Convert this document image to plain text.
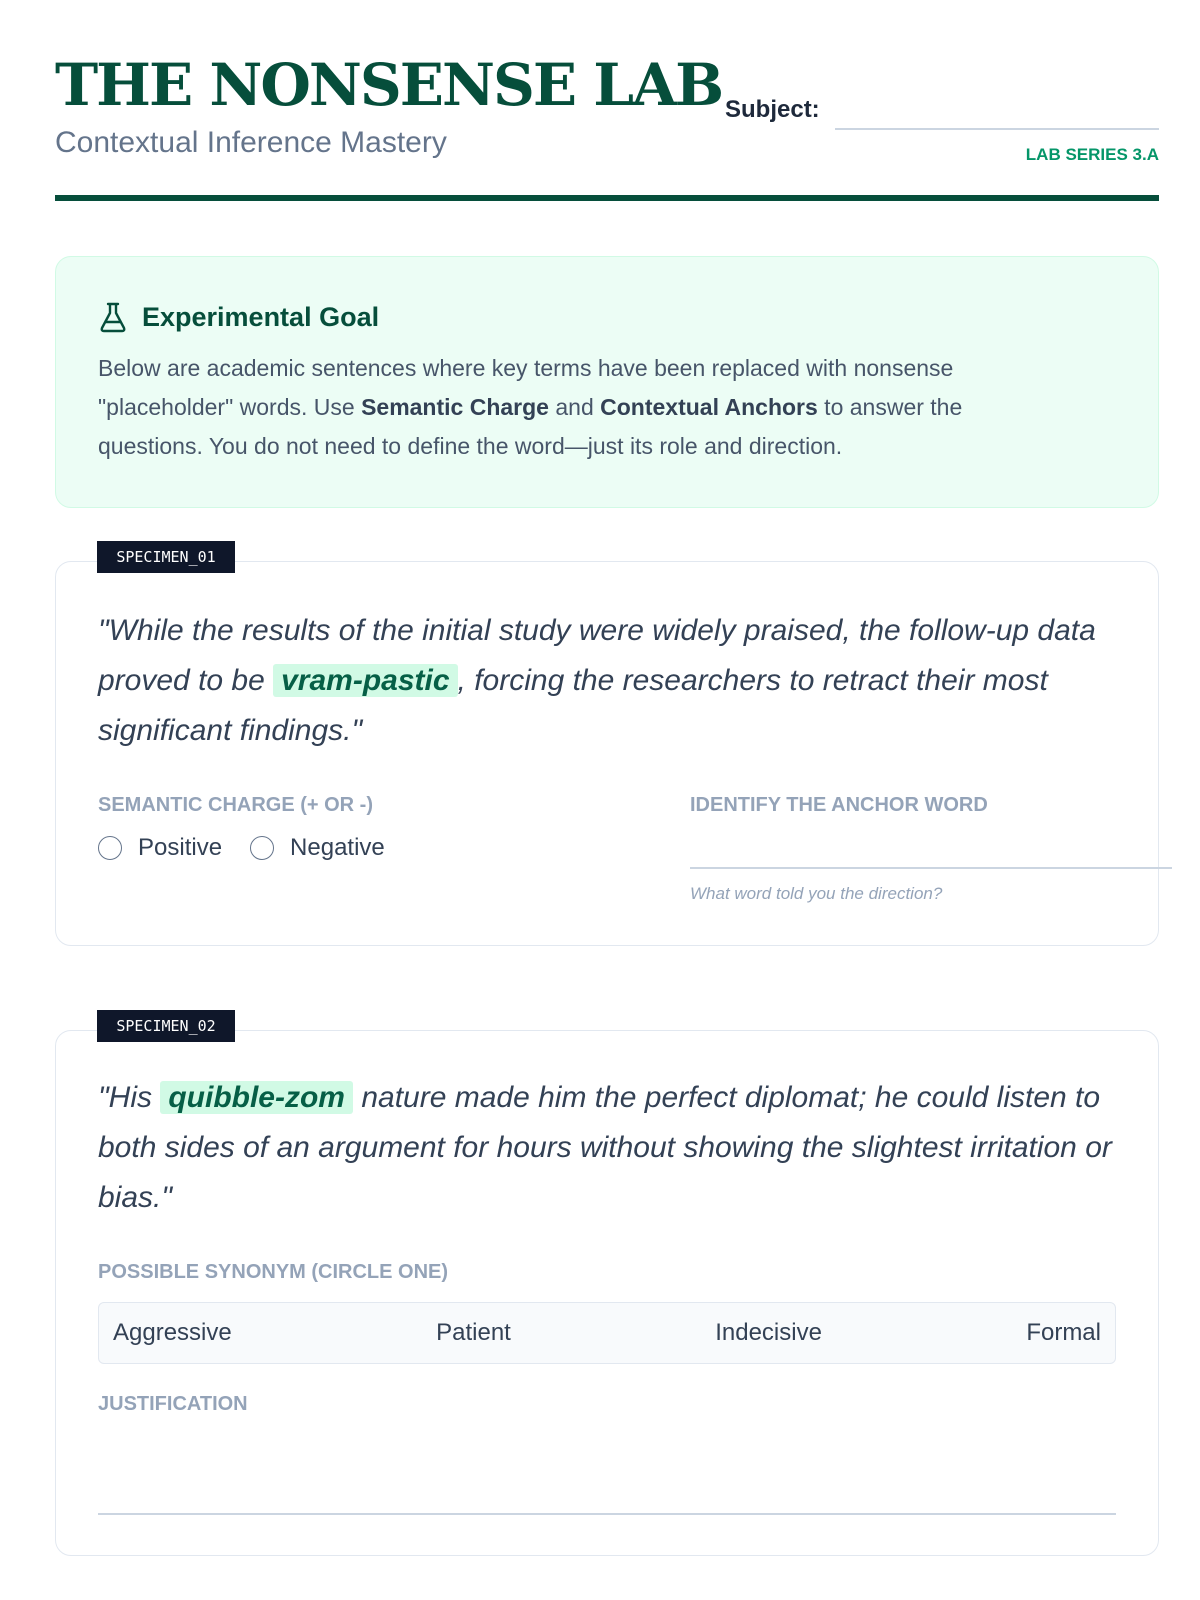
THE NONSENSE LAB
Contextual Inference Mastery
Subject:
LAB SERIES 3.A
Experimental Goal
Below are academic sentences where key terms have been replaced with nonsense "placeholder" words. Use Semantic Charge and Contextual Anchors to answer the questions. You do not need to define the word—just its role and direction.
SPECIMEN_01

"While the results of the initial study were widely praised, the follow-up data proved to be vram-pastic , forcing the researchers to retract their most significant findings."

SEMANTIC CHARGE (+ OR -)
Positive	Negative
IDENTIFY THE ANCHOR WORD
What word told you the direction?
SPECIMEN_02

"His quibble-zom nature made him the perfect diplomat; he could listen to both sides of an argument for hours without showing the slightest irritation or bias."

POSSIBLE SYNONYM (CIRCLE ONE)
Aggressive	Patient	Indecisive	Formal
JUSTIFICATION
